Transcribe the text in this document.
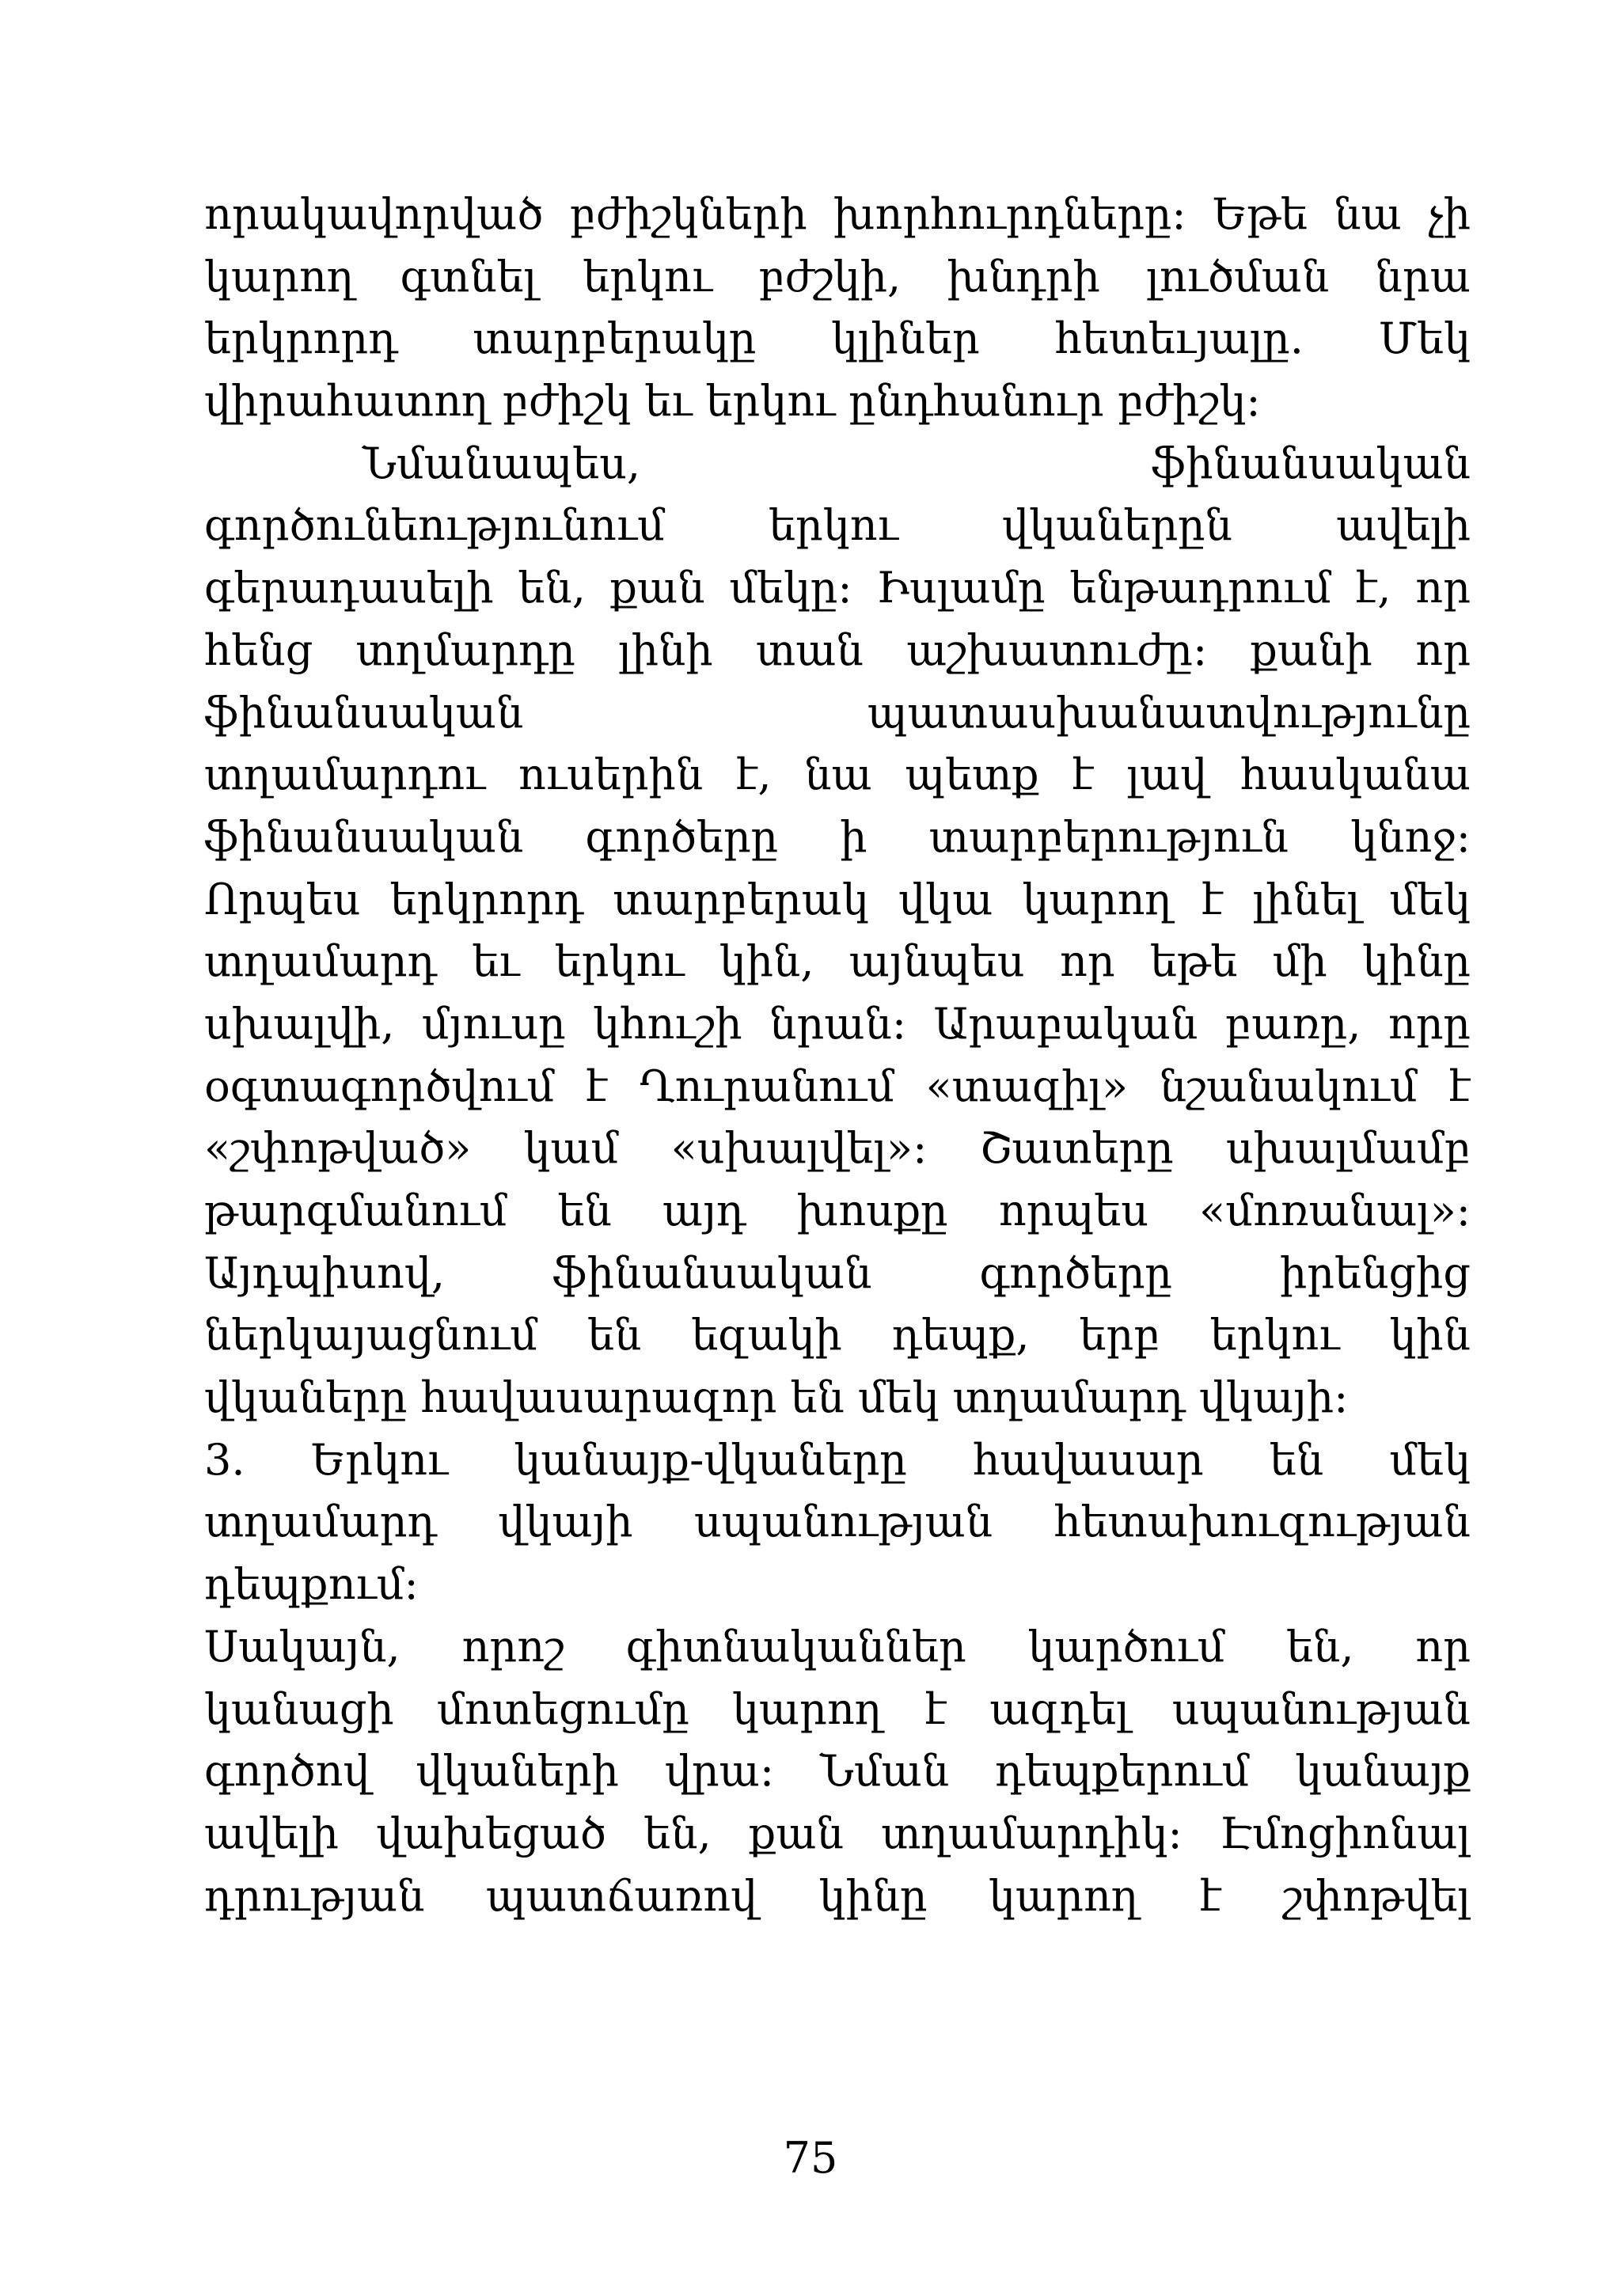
որակավորված բժիշկների խորհուրդները: Եթե նա չի
կարող գտնել երկու բժշկի, խնդրի լուծման նրա
երկրորդ տարբերակը կլիներ հետեւյալը. Մեկ
վիրահատող բժիշկ եւ երկու ընդհանուր բժիշկ:
Նմանապես, ֆինանսական
գործունեությունում երկու վկաներըն ավելի
գերադասելի են, քան մեկը: Իսլամը ենթադրում է, որ
հենց տղմարդը լինի տան աշխատուժը: քանի որ
ֆինանսական պատասխանատվությունը
տղամարդու ուսերին է, նա պետք է լավ հասկանա
ֆինանսական գործերը ի տարբերություն կնոջ:
Որպես երկրորդ տարբերակ վկա կարող է լինել մեկ
տղամարդ եւ երկու կին, այնպես որ եթե մի կինը
սխալվի, մյուսը կհուշի նրան: Արաբական բառը, որը
օգտագործվում է Ղուրանում «տազիլ» նշանակում է
«շփոթված» կամ «սխալվել»: Շատերը սխալմամբ
թարգմանում են այդ խոսքը որպես «մոռանալ»:
Այդպիսով, ֆինանսական գործերը իրենցից
ներկայացնում են եզակի դեպք, երբ երկու կին
վկաները հավասարազոր են մեկ տղամարդ վկայի:
3. Երկու կանայք-վկաները հավասար են մեկ
տղամարդ վկայի սպանության հետախուզության
դեպքում:
Սակայն, որոշ գիտնականներ կարծում են, որ
կանացի մոտեցումը կարող է ազդել սպանության
գործով վկաների վրա: Նման դեպքերում կանայք
ավելի վախեցած են, քան տղամարդիկ: Էմոցիոնալ
դրության պատճառով կինը կարող է շփոթվել
75
